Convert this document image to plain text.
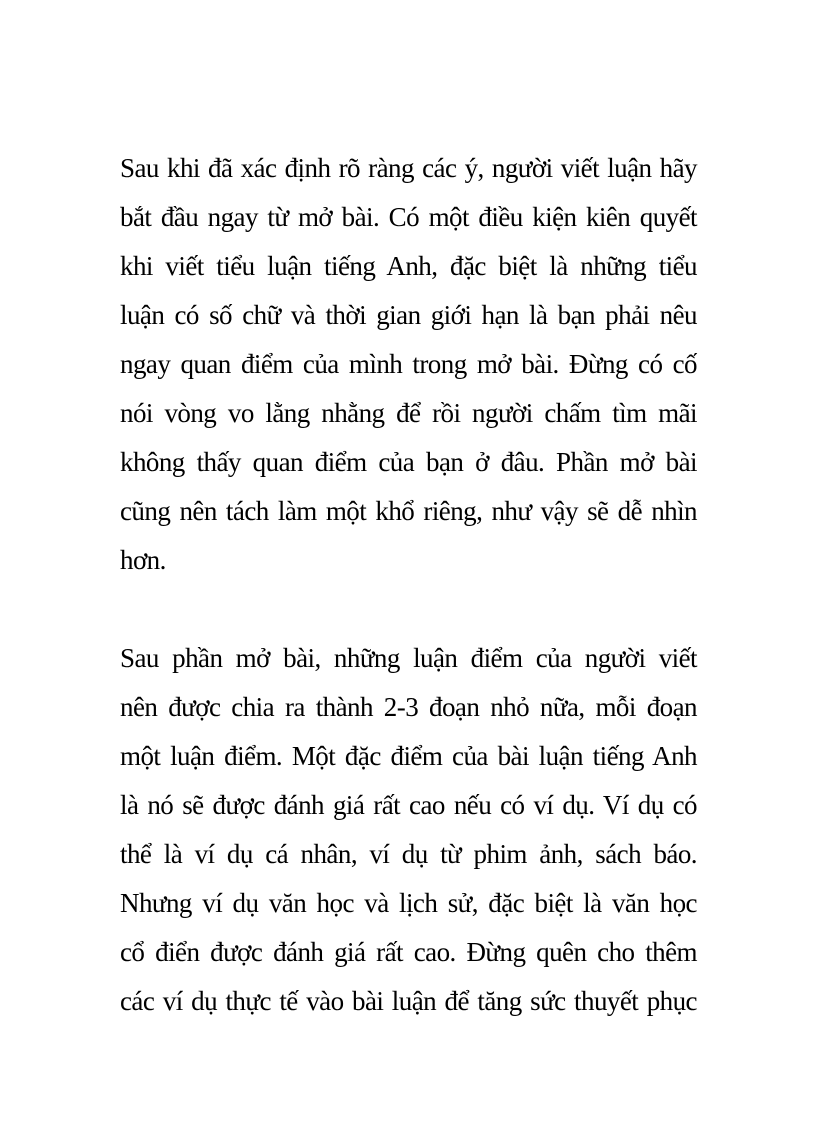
Sau khi đã xác định rõ ràng các ý, người viết luận hãy
bắt đầu ngay từ mở bài. Có một điều kiện kiên quyết
khi viết tiểu luận tiếng Anh, đặc biệt là những tiểu
luận có số chữ và thời gian giới hạn là bạn phải nêu
ngay quan điểm của mình trong mở bài. Đừng có cố
nói vòng vo lằng nhằng để rồi người chấm tìm mãi
không thấy quan điểm của bạn ở đâu. Phần mở bài
cũng nên tách làm một khổ riêng, như vậy sẽ dễ nhìn
hơn.
Sau phần mở bài, những luận điểm của người viết
nên được chia ra thành 2-3 đoạn nhỏ nữa, mỗi đoạn
một luận điểm. Một đặc điểm của bài luận tiếng Anh
là nó sẽ được đánh giá rất cao nếu có ví dụ. Ví dụ có
thể là ví dụ cá nhân, ví dụ từ phim ảnh, sách báo.
Nhưng ví dụ văn học và lịch sử, đặc biệt là văn học
cổ điển được đánh giá rất cao. Đừng quên cho thêm
các ví dụ thực tế vào bài luận để tăng sức thuyết phục
